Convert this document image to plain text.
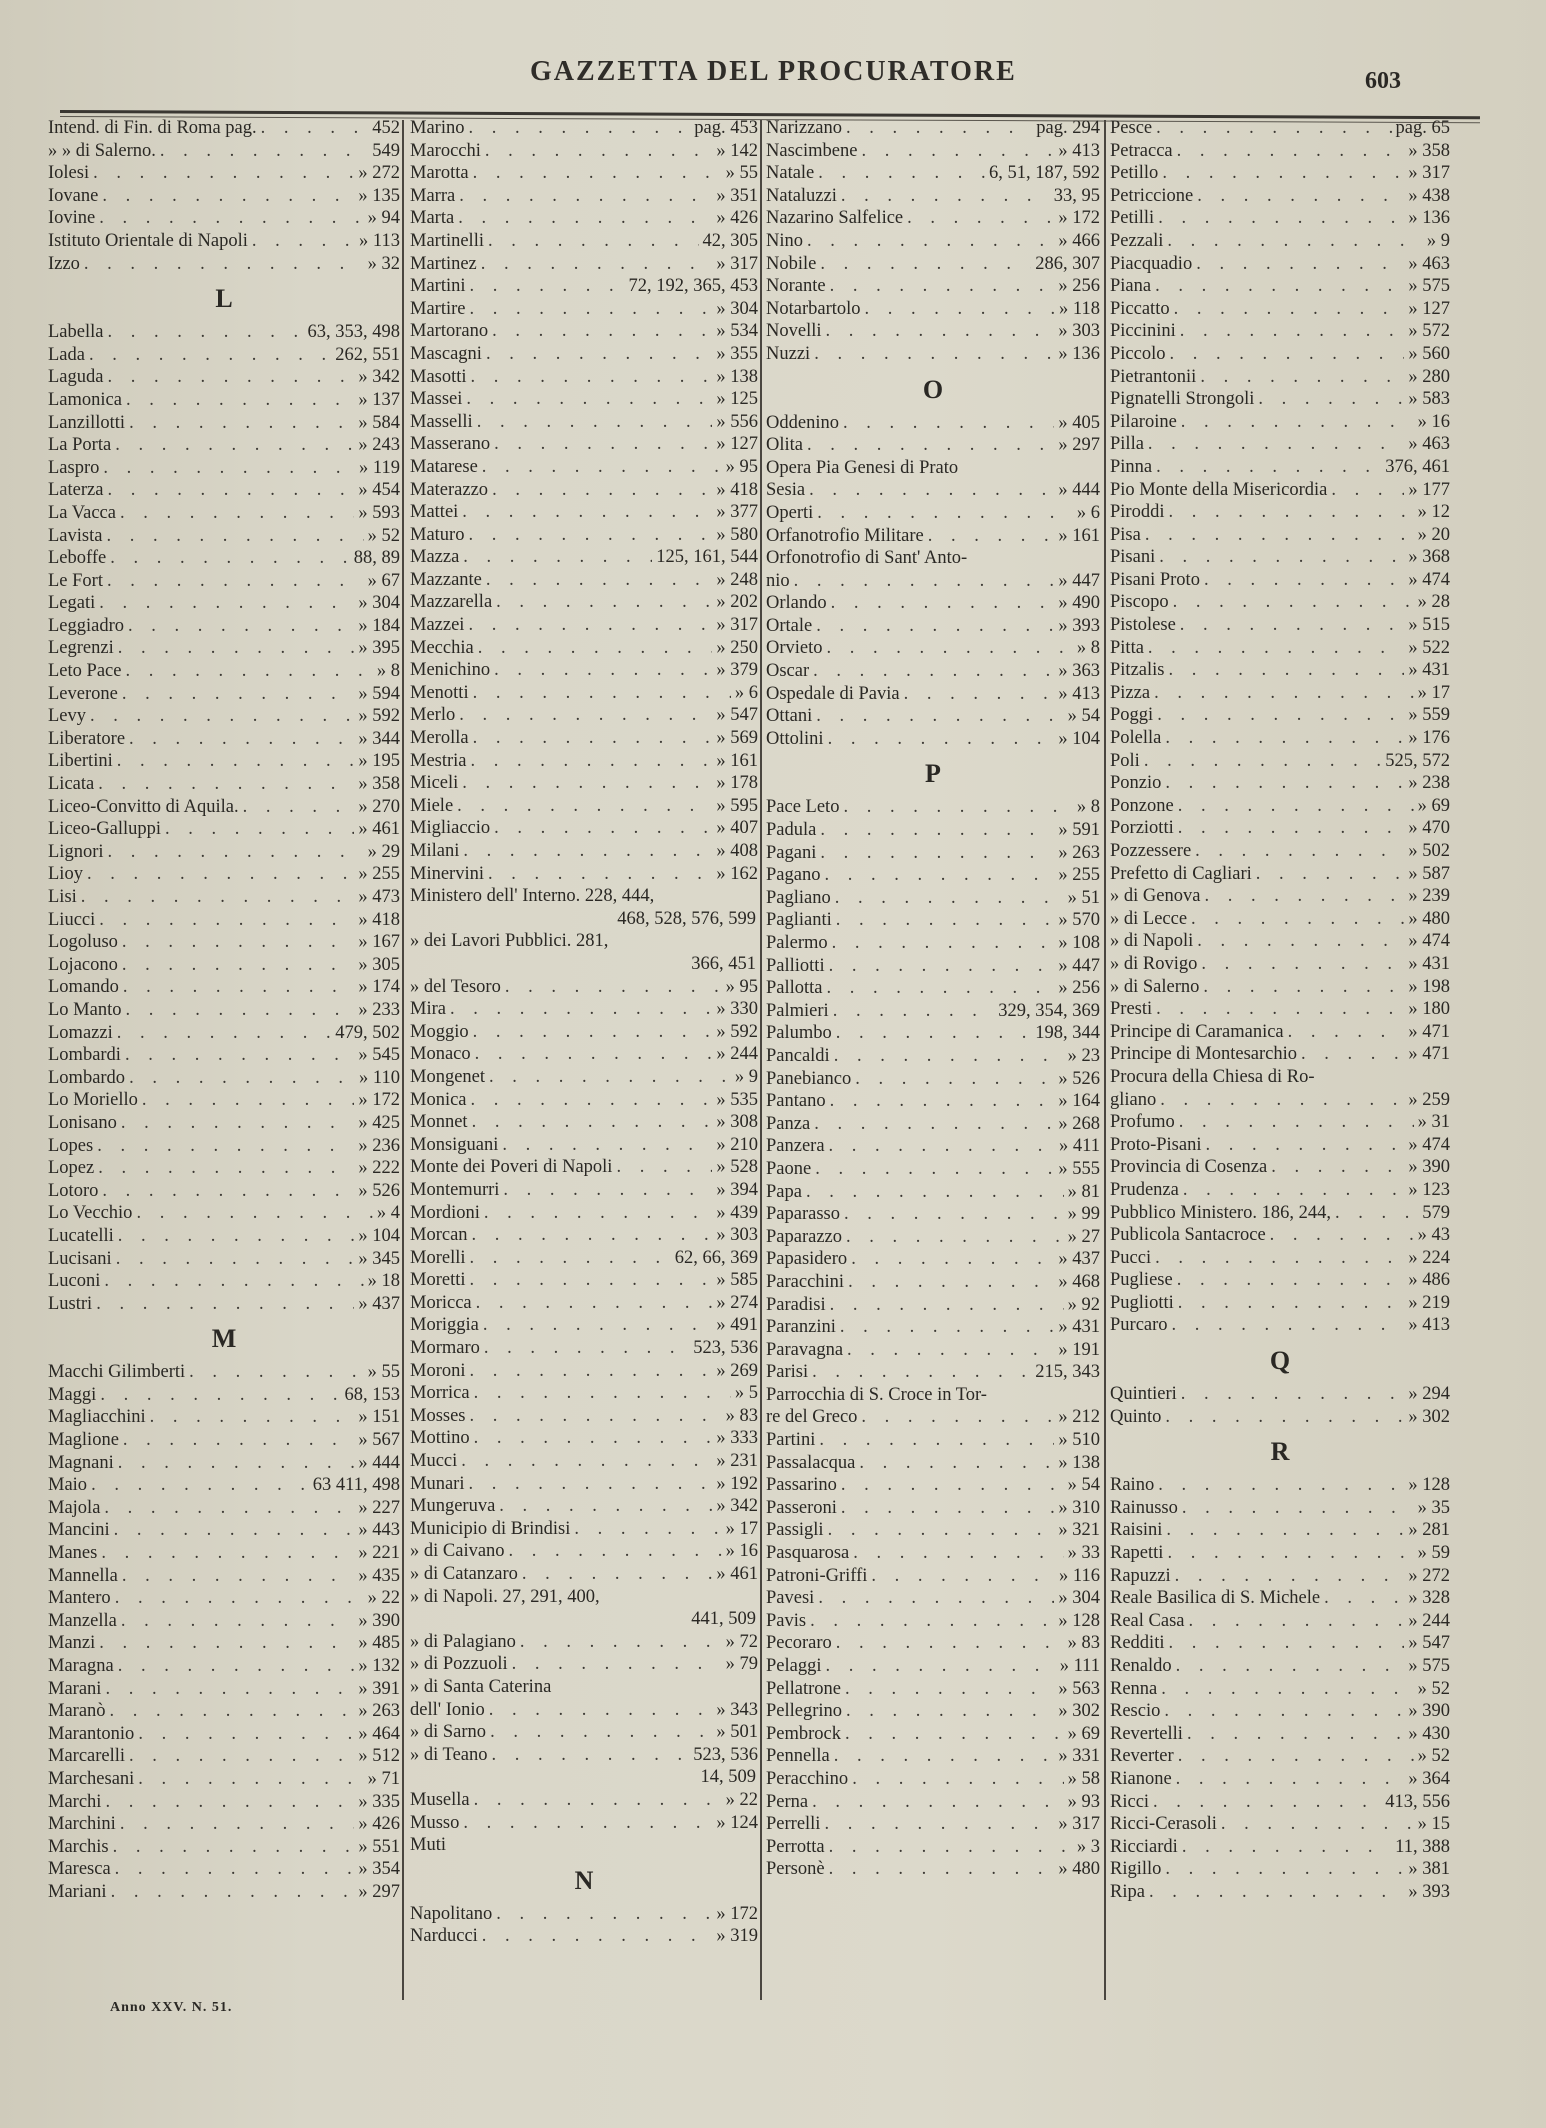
GAZZETTA DEL PROCURATORE	603
Intend. di Fin. di Roma pag. . . .	452
» » di Salerno. . . .	549
Iolesi . . .	» 272
Iovane . . .	» 135
Iovine . . .	» 94
Istituto Orientale di Napoli . . .	» 113
Izzo . . .	» 32
L
Labella . . .	63, 353, 498
Lada . . .	262, 551
Laguda . . .	» 342
Lamonica . . .	» 137
Lanzillotti . . .	» 584
La Porta . . .	» 243
Laspro . . .	» 119
Laterza . . .	» 454
La Vacca . . .	» 593
Lavista . . .	» 52
Leboffe . . .	88, 89
Le Fort . . .	» 67
Legati . . .	» 304
Leggiadro . . .	» 184
Legrenzi . . .	» 395
Leto Pace . . .	» 8
Leverone . . .	» 594
Levy . . .	» 592
Liberatore . . .	» 344
Libertini . . .	» 195
Licata . . .	» 358
Liceo-Convitto di Aquila. . . .	» 270
Liceo-Galluppi . . .	» 461
Lignori . . .	» 29
Lioy . . .	» 255
Lisi . . .	» 473
Liucci . . .	» 418
Logoluso . . .	» 167
Lojacono . . .	» 305
Lomando . . .	» 174
Lo Manto . . .	» 233
Lomazzi . . .	479, 502
Lombardi . . .	» 545
Lombardo . . .	» 110
Lo Moriello . . .	» 172
Lonisano . . .	» 425
Lopes . . .	» 236
Lopez . . .	» 222
Lotoro . . .	» 526
Lo Vecchio . . .	» 4
Lucatelli . . .	» 104
Lucisani . . .	» 345
Luconi . . .	» 18
Lustri . . .	» 437
M
Macchi Gilimberti . . .	» 55
Maggi . . .	68, 153
Magliacchini . . .	» 151
Maglione . . .	» 567
Magnani . . .	» 444
Maio . . .	63 411, 498
Majola . . .	» 227
Mancini . . .	» 443
Manes . . .	» 221
Mannella . . .	» 435
Mantero . . .	» 22
Manzella . . .	» 390
Manzi . . .	» 485
Maragna . . .	» 132
Marani . . .	» 391
Maranò . . .	» 263
Marantonio . . .	» 464
Marcarelli . . .	» 512
Marchesani . . .	» 71
Marchi . . .	» 335
Marchini . . .	» 426
Marchis . . .	» 551
Maresca . . .	» 354
Mariani . . .	» 297
Marino . . .	pag. 453
Marocchi . . .	» 142
Marotta . . .	» 55
Marra . . .	» 351
Marta . . .	» 426
Martinelli . . .	42, 305
Martinez . . .	» 317
Martini . . .	72, 192, 365, 453
Martire . . .	» 304
Martorano . . .	» 534
Mascagni . . .	» 355
Masotti . . .	» 138
Massei . . .	» 125
Masselli . . .	» 556
Masserano . . .	» 127
Matarese . . .	» 95
Materazzo . . .	» 418
Mattei . . .	» 377
Maturo . . .	» 580
Mazza . . .	125, 161, 544
Mazzante . . .	» 248
Mazzarella . . .	» 202
Mazzei . . .	» 317
Mecchia . . .	» 250
Menichino . . .	» 379
Menotti . . .	» 6
Merlo . . .	» 547
Merolla . . .	» 569
Mestria . . .	» 161
Miceli . . .	» 178
Miele . . .	» 595
Migliaccio . . .	» 407
Milani . . .	» 408
Minervini . . .	» 162
Ministero dell' Interno. 228, 444,
468, 528, 576, 599
» dei Lavori Pubblici. 281,
366, 451
» del Tesoro . . .	» 95
Mira . . .	» 330
Moggio . . .	» 592
Monaco . . .	» 244
Mongenet . . .	» 9
Monica . . .	» 535
Monnet . . .	» 308
Monsiguani . . .	» 210
Monte dei Poveri di Napoli . . .	» 528
Montemurri . . .	» 394
Mordioni . . .	» 439
Morcan . . .	» 303
Morelli . . .	62, 66, 369
Moretti . . .	» 585
Moricca . . .	» 274
Moriggia . . .	» 491
Mormaro . . .	523, 536
Moroni . . .	» 269
Morrica . . .	» 5
Mosses . . .	» 83
Mottino . . .	» 333
Mucci . . .	» 231
Munari . . .	» 192
Mungeruva . . .	» 342
Municipio di Brindisi . . .	» 17
» di Caivano . . .	» 16
» di Catanzaro . . .	» 461
» di Napoli. 27, 291, 400,
441, 509
» di Palagiano . . .	» 72
» di Pozzuoli . . .	» 79
» di Santa Caterina
dell' Ionio . . .	» 343
» di Sarno . . .	» 501
» di Teano . . .	523, 536
14, 509
Musella . . .	» 22
Musso . . .	» 124
Muti
N
Napolitano . . .	» 172
Narducci . . .	» 319
Narizzano . . .	pag. 294
Nascimbene . . .	» 413
Natale . . .	6, 51, 187, 592
Nataluzzi . . .	33, 95
Nazarino Salfelice . . .	» 172
Nino . . .	» 466
Nobile . . .	286, 307
Norante . . .	» 256
Notarbartolo . . .	» 118
Novelli . . .	» 303
Nuzzi . . .	» 136
O
Oddenino . . .	» 405
Olita . . .	» 297
Opera Pia Genesi di Prato
Sesia . . .	» 444
Operti . . .	» 6
Orfanotrofio Militare . . .	» 161
Orfonotrofio di Sant' Anto-
nio . . .	» 447
Orlando . . .	» 490
Ortale . . .	» 393
Orvieto . . .	» 8
Oscar . . .	» 363
Ospedale di Pavia . . .	» 413
Ottani . . .	» 54
Ottolini . . .	» 104
P
Pace Leto . . .	» 8
Padula . . .	» 591
Pagani . . .	» 263
Pagano . . .	» 255
Pagliano . . .	» 51
Paglianti . . .	» 570
Palermo . . .	» 108
Palliotti . . .	» 447
Pallotta . . .	» 256
Palmieri . . .	329, 354, 369
Palumbo . . .	198, 344
Pancaldi . . .	» 23
Panebianco . . .	» 526
Pantano . . .	» 164
Panza . . .	» 268
Panzera . . .	» 411
Paone . . .	» 555
Papa . . .	» 81
Paparasso . . .	» 99
Paparazzo . . .	» 27
Papasidero . . .	» 437
Paracchini . . .	» 468
Paradisi . . .	» 92
Paranzini . . .	» 431
Paravagna . . .	» 191
Parisi . . .	215, 343
Parrocchia di S. Croce in Tor-
re del Greco . . .	» 212
Partini . . .	» 510
Passalacqua . . .	» 138
Passarino . . .	» 54
Passeroni . . .	» 310
Passigli . . .	» 321
Pasquarosa . . .	» 33
Patroni-Griffi . . .	» 116
Pavesi . . .	» 304
Pavis . . .	» 128
Pecoraro . . .	» 83
Pelaggi . . .	» 111
Pellatrone . . .	» 563
Pellegrino . . .	» 302
Pembrock . . .	» 69
Pennella . . .	» 331
Peracchino . . .	» 58
Perna . . .	» 93
Perrelli . . .	» 317
Perrotta . . .	» 3
Personè . . .	» 480
Pesce . . .	pag. 65
Petracca . . .	» 358
Petillo . . .	» 317
Petriccione . . .	» 438
Petilli . . .	» 136
Pezzali . . .	» 9
Piacquadio . . .	» 463
Piana . . .	» 575
Piccatto . . .	» 127
Piccinini . . .	» 572
Piccolo . . .	» 560
Pietrantonii . . .	» 280
Pignatelli Strongoli . . .	» 583
Pilaroine . . .	» 16
Pilla . . .	» 463
Pinna . . .	376, 461
Pio Monte della Misericordia . . .	» 177
Piroddi . . .	» 12
Pisa . . .	» 20
Pisani . . .	» 368
Pisani Proto . . .	» 474
Piscopo . . .	» 28
Pistolese . . .	» 515
Pitta . . .	» 522
Pitzalis . . .	» 431
Pizza . . .	» 17
Poggi . . .	» 559
Polella . . .	» 176
Poli . . .	525, 572
Ponzio . . .	» 238
Ponzone . . .	» 69
Porziotti . . .	» 470
Pozzessere . . .	» 502
Prefetto di Cagliari . . .	» 587
» di Genova . . .	» 239
» di Lecce . . .	» 480
» di Napoli . . .	» 474
» di Rovigo . . .	» 431
» di Salerno . . .	» 198
Presti . . .	» 180
Principe di Caramanica . . .	» 471
Principe di Montesarchio . . .	» 471
Procura della Chiesa di Ro-
gliano . . .	» 259
Profumo . . .	» 31
Proto-Pisani . . .	» 474
Provincia di Cosenza . . .	» 390
Prudenza . . .	» 123
Pubblico Ministero. 186, 244, . . .	579
Publicola Santacroce . . .	» 43
Pucci . . .	» 224
Pugliese . . .	» 486
Pugliotti . . .	» 219
Purcaro . . .	» 413
Q
Quintieri . . .	» 294
Quinto . . .	» 302
R
Raino . . .	» 128
Rainusso . . .	» 35
Raisini . . .	» 281
Rapetti . . .	» 59
Rapuzzi . . .	» 272
Reale Basilica di S. Michele . . .	» 328
Real Casa . . .	» 244
Redditi . . .	» 547
Renaldo . . .	» 575
Renna . . .	» 52
Rescio . . .	» 390
Revertelli . . .	» 430
Reverter . . .	» 52
Rianone . . .	» 364
Ricci . . .	413, 556
Ricci-Cerasoli . . .	» 15
Ricciardi . . .	11, 388
Rigillo . . .	» 381
Ripa . . .	» 393
Anno XXV. N. 51.
